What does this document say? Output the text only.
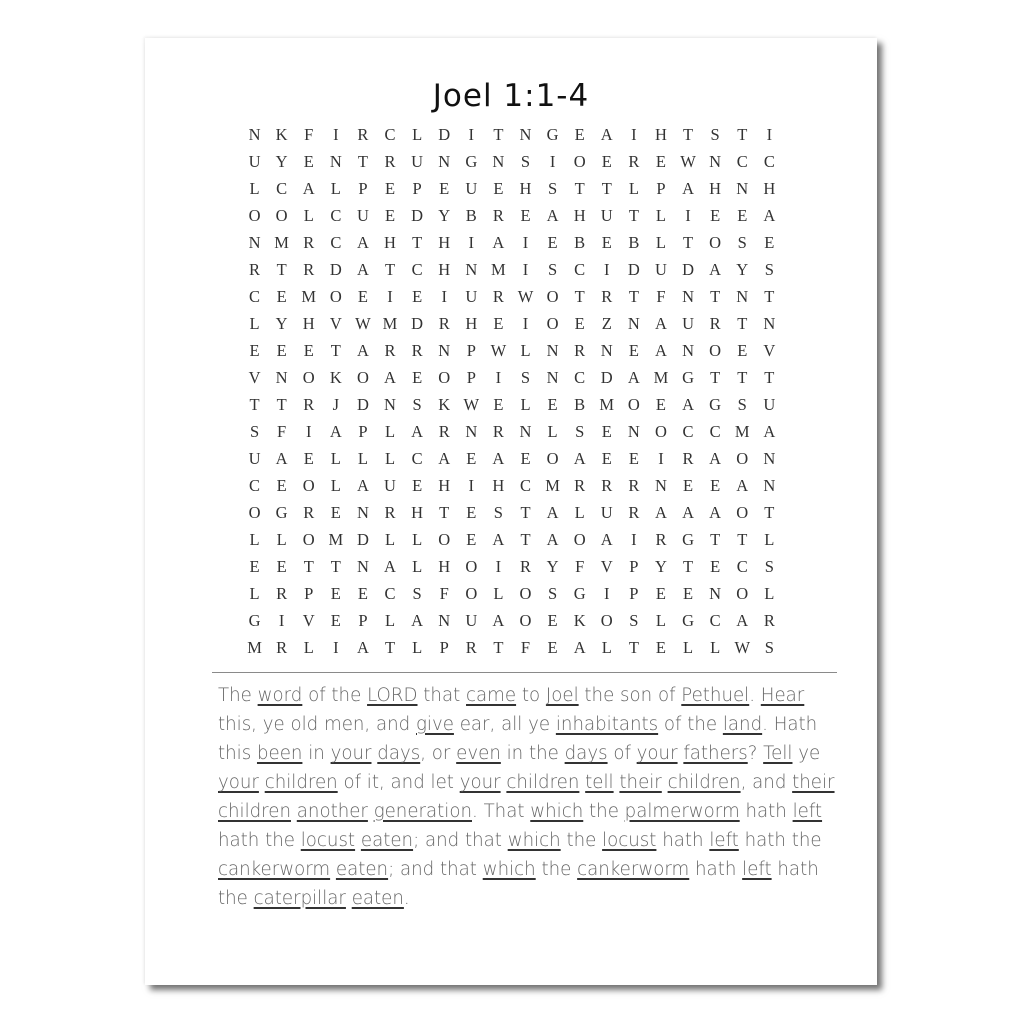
Joel 1:1-4
N K	F	I	R C	L D	I	T N G E A	I	H T	S	T	I
U Y E N T	R U N G N	S	I	O E	R	E W N C C
L	C A L	P	E	P	E U E H	S	T	T	L	P	A H N H
O O L	C U E D Y B R	E A H U T	L	I	E	E A
N M R C A H T H	I	A	I	E	B	E	B	L	T O	S	E
R	T	R D A T	C H N M	I	S	C	I	D U D A Y	S
C	E M O E	I	E	I	U R W O T	R	T	F	N T N T
L Y H V W M D R H E	I	O E	Z N A U R	T N
E	E	E	T A R R N	P W L N R N E A N O E V
V N O K O A E O	P	I	S	N C D A M G T	T	T
T	T	R	J	D N	S	K W E	L	E	B M O E A G	S	U
S	F	I	A	P	L A R N R N L	S	E N O C C M A
U A E	L	L	L	C A E A E O A E	E	I	R A O N
C	E O L A U E H	I	H C M R R R N E	E A N
O G R	E N R H T	E	S	T A L U R A A A O T
L	L O M D L	L O E A T A O A	I	R G T	T	L
E	E	T	T N A L H O	I	R Y	F	V	P	Y T	E	C	S
L	R	P	E	E	C	S	F	O L O	S	G	I	P	E	E N O L
G	I	V E	P	L A N U A O E K O	S	L G C A R
M R	L	I	A T	L	P	R	T	F	E A L	T	E	L	L W S
The word of the LORD that came to Joel the son of Pethuel. Hear this, ye old men, and give ear, all ye inhabitants of the land. Hath this been in your days, or even in the days of your fathers? Tell ye your children of it, and let your children tell their children, and their children another generation. That which the palmerworm hath left hath the locust eaten; and that which the locust hath left hath the cankerworm eaten; and that which the cankerworm hath left hath the caterpillar eaten.
